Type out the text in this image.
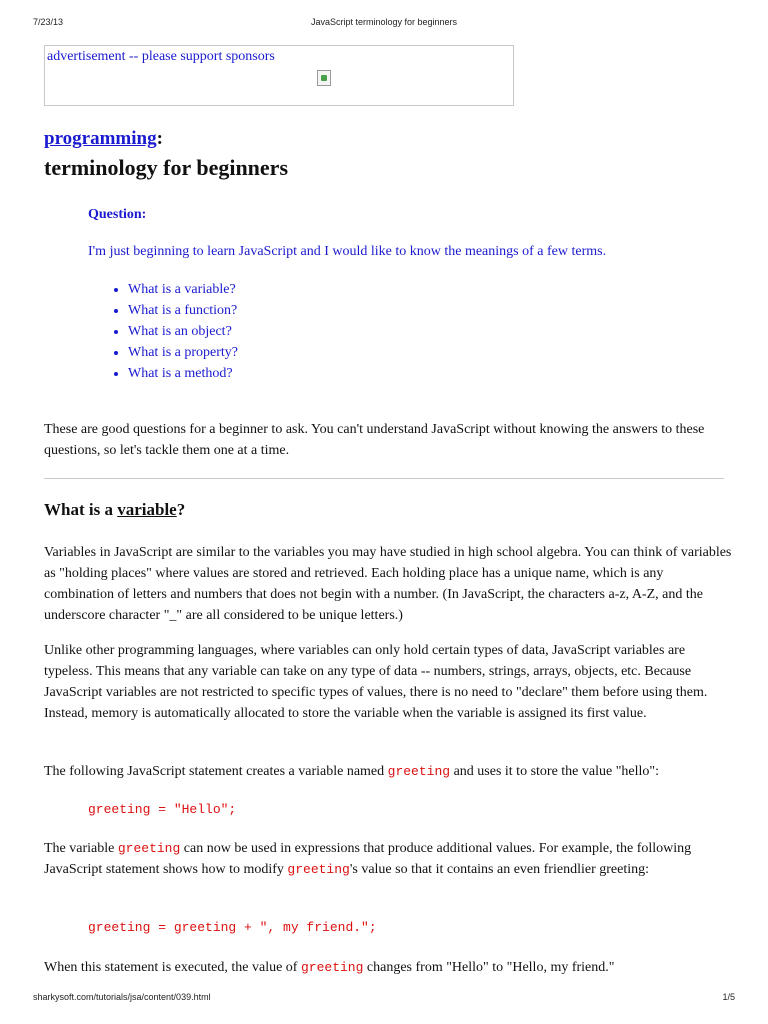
7/23/13	JavaScript terminology for beginners
advertisement -- please support sponsors
programming:
terminology for beginners
Question:
I'm just beginning to learn JavaScript and I would like to know the meanings of a few terms.
• What is a variable?
• What is a function?
• What is an object?
• What is a property?
• What is a method?

These are good questions for a beginner to ask. You can't understand JavaScript without knowing the answers to these questions, so let's tackle them one at a time.

What is a variable?

Variables in JavaScript are similar to the variables you may have studied in high school algebra. You can think of variables as "holding places" where values are stored and retrieved. Each holding place has a unique name, which is any combination of letters and numbers that does not begin with a number. (In JavaScript, the characters a-z, A-Z, and the underscore character "_" are all considered to be unique letters.)

Unlike other programming languages, where variables can only hold certain types of data, JavaScript variables are typeless. This means that any variable can take on any type of data -- numbers, strings, arrays, objects, etc. Because JavaScript variables are not restricted to specific types of values, there is no need to "declare" them before using them. Instead, memory is automatically allocated to store the variable when the variable is assigned its first value.

The following JavaScript statement creates a variable named greeting and uses it to store the value "hello":

greeting = "Hello";

The variable greeting can now be used in expressions that produce additional values. For example, the following JavaScript statement shows how to modify greeting's value so that it contains an even friendlier greeting:

greeting = greeting + ", my friend.";

When this statement is executed, the value of greeting changes from "Hello" to "Hello, my friend."

sharkysoft.com/tutorials/jsa/content/039.html	1/5
